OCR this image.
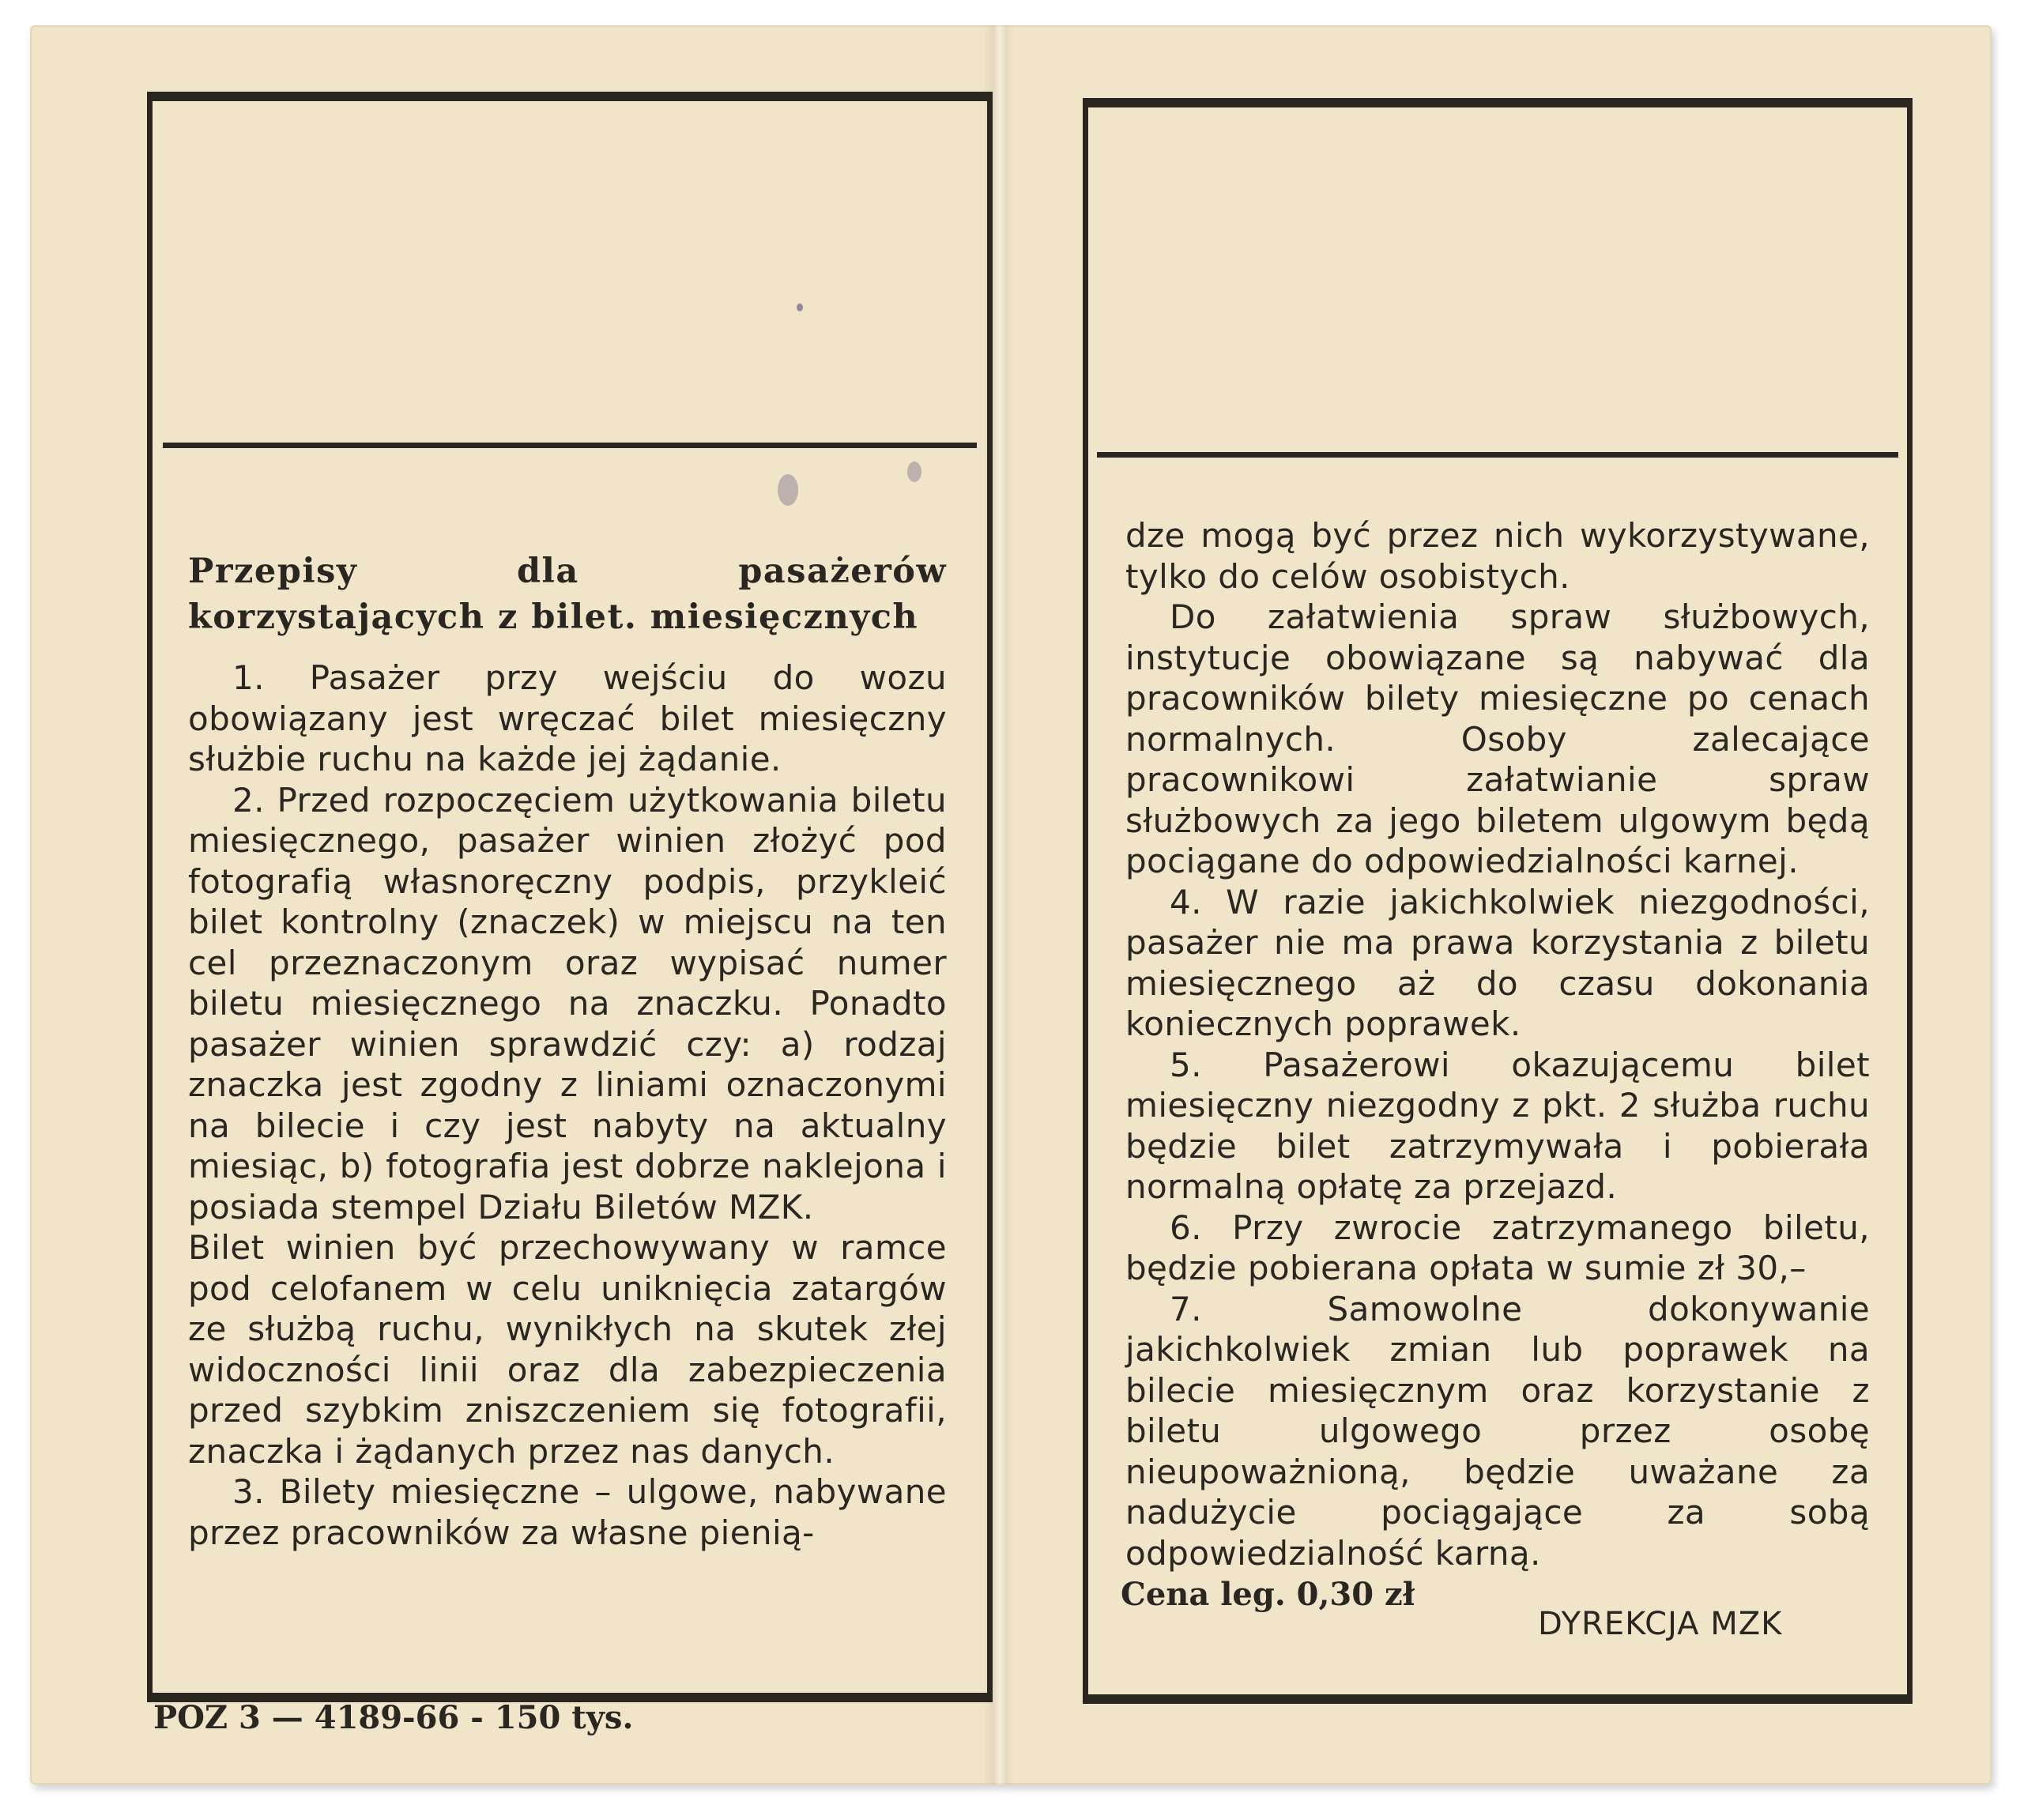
Przepisy dla pasażerów korzystających z bilet. miesięcznych

1. Pasażer przy wejściu do wozu obowiązany jest wręczać bilet miesięczny służbie ruchu na każde jej żądanie.

2. Przed rozpoczęciem użytkowania biletu miesięcznego, pasażer winien złożyć pod fotografią własnoręczny podpis, przykleić bilet kontrolny (znaczek) w miejscu na ten cel przeznaczonym oraz wypisać numer biletu miesięcznego na znaczku. Ponadto pasażer winien sprawdzić czy: a) rodzaj znaczka jest zgodny z liniami oznaczonymi na bilecie i czy jest nabyty na aktualny miesiąc, b) fotografia jest dobrze naklejona i posiada stempel Działu Biletów MZK.

Bilet winien być przechowywany w ramce pod celofanem w celu uniknięcia zatargów ze służbą ruchu, wynikłych na skutek złej widoczności linii oraz dla zabezpieczenia przed szybkim zniszczeniem się fotografii, znaczka i żądanych przez nas danych.

3. Bilety miesięczne – ulgowe, nabywane przez pracowników za własne pienią-

dze mogą być przez nich wykorzystywane, tylko do celów osobistych.

Do załatwienia spraw służbowych, instytucje obowiązane są nabywać dla pracowników bilety miesięczne po cenach normalnych. Osoby zalecające pracownikowi załatwianie spraw służbowych za jego biletem ulgowym będą pociągane do odpowiedzialności karnej.

4. W razie jakichkolwiek niezgodności, pasażer nie ma prawa korzystania z biletu miesięcznego aż do czasu dokonania koniecznych poprawek.

5. Pasażerowi okazującemu bilet miesięczny niezgodny z pkt. 2 służba ruchu będzie bilet zatrzymywała i pobierała normalną opłatę za przejazd.

6. Przy zwrocie zatrzymanego biletu, będzie pobierana opłata w sumie zł 30,–

7. Samowolne dokonywanie jakichkolwiek zmian lub poprawek na bilecie miesięcznym oraz korzystanie z biletu ulgowego przez osobę nieupoważnioną, będzie uważane za nadużycie pociągające za sobą odpowiedzialność karną.

Cena leg. 0,30 zł
DYREKCJA MZK
POZ 3 — 4189-66 - 150 tys.
